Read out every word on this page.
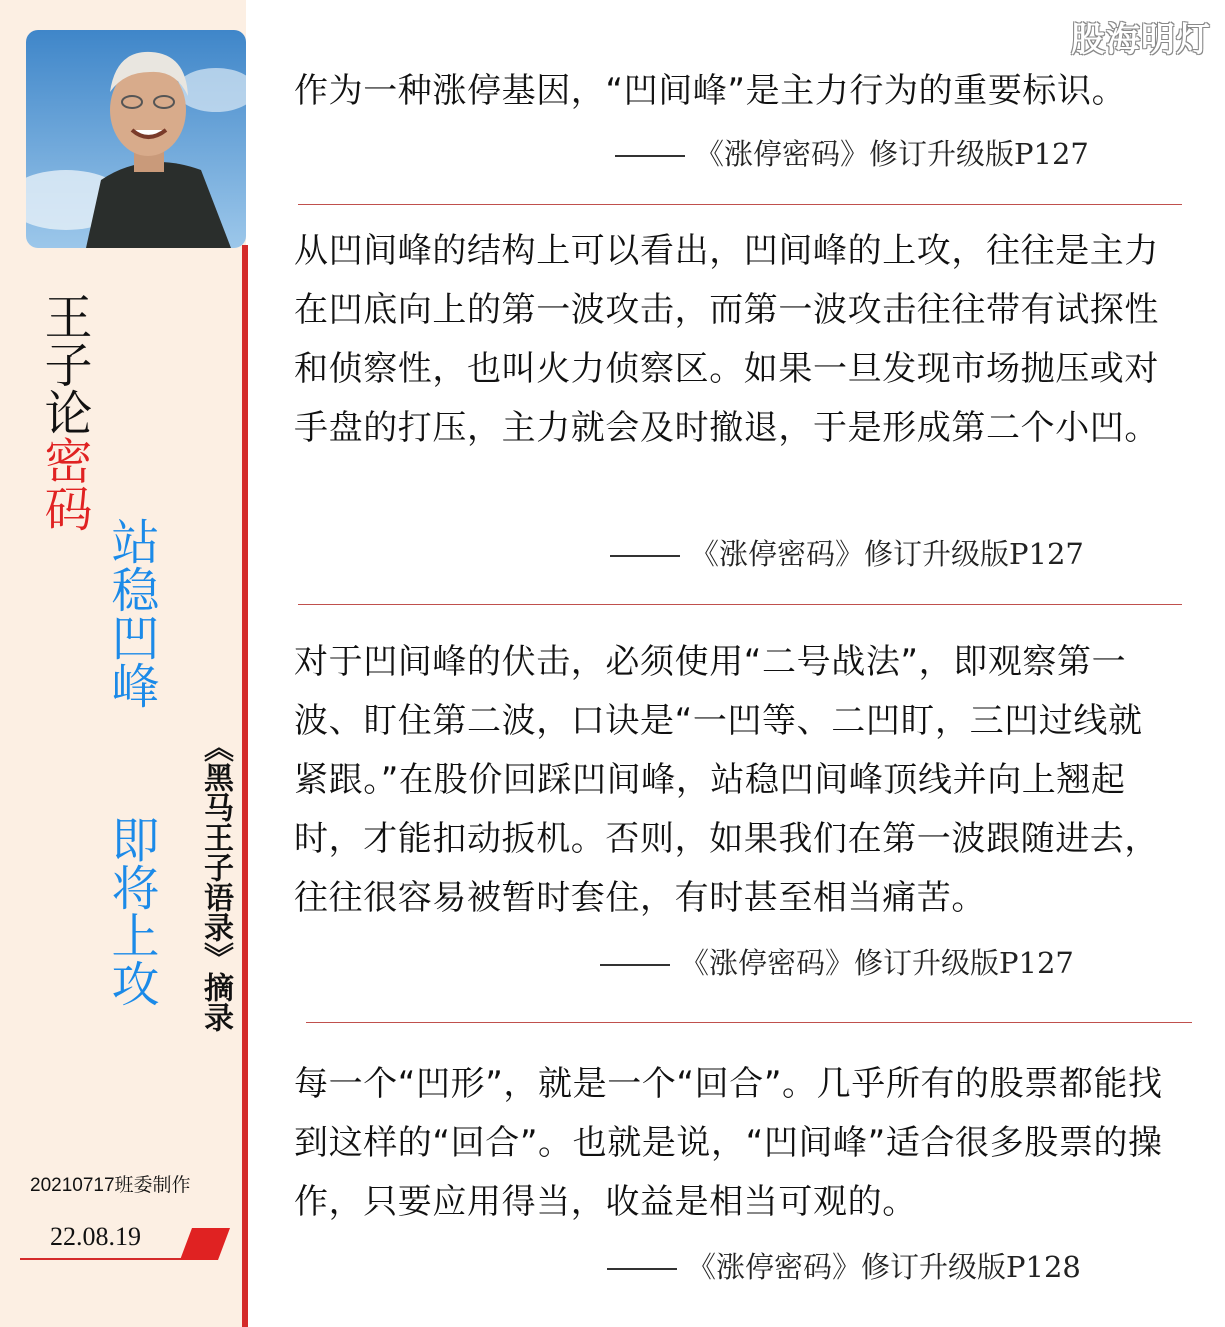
王子论密码
站稳凹峰
即将上攻 《黑马王子语录》摘录
20210717班委制作
22.08.19
股海明灯
作为一种涨停基因，“凹间峰”是主力行为的重要标识。
《涨停密码》修订升级版P127
从凹间峰的结构上可以看出，凹间峰的上攻，往往是主力在凹底向上的第一波攻击，而第一波攻击往往带有试探性和侦察性，也叫火力侦察区。如果一旦发现市场抛压或对手盘的打压，主力就会及时撤退，于是形成第二个小凹。
《涨停密码》修订升级版P127
对于凹间峰的伏击，必须使用“二号战法”，即观察第一波、盯住第二波，口诀是“一凹等、二凹盯，三凹过线就紧跟。”在股价回踩凹间峰，站稳凹间峰顶线并向上翘起时，才能扣动扳机。否则，如果我们在第一波跟随进去，往往很容易被暂时套住，有时甚至相当痛苦。
《涨停密码》修订升级版P127
每一个“凹形”，就是一个“回合”。几乎所有的股票都能找到这样的“回合”。也就是说，“凹间峰”适合很多股票的操作，只要应用得当，收益是相当可观的。
《涨停密码》修订升级版P128
